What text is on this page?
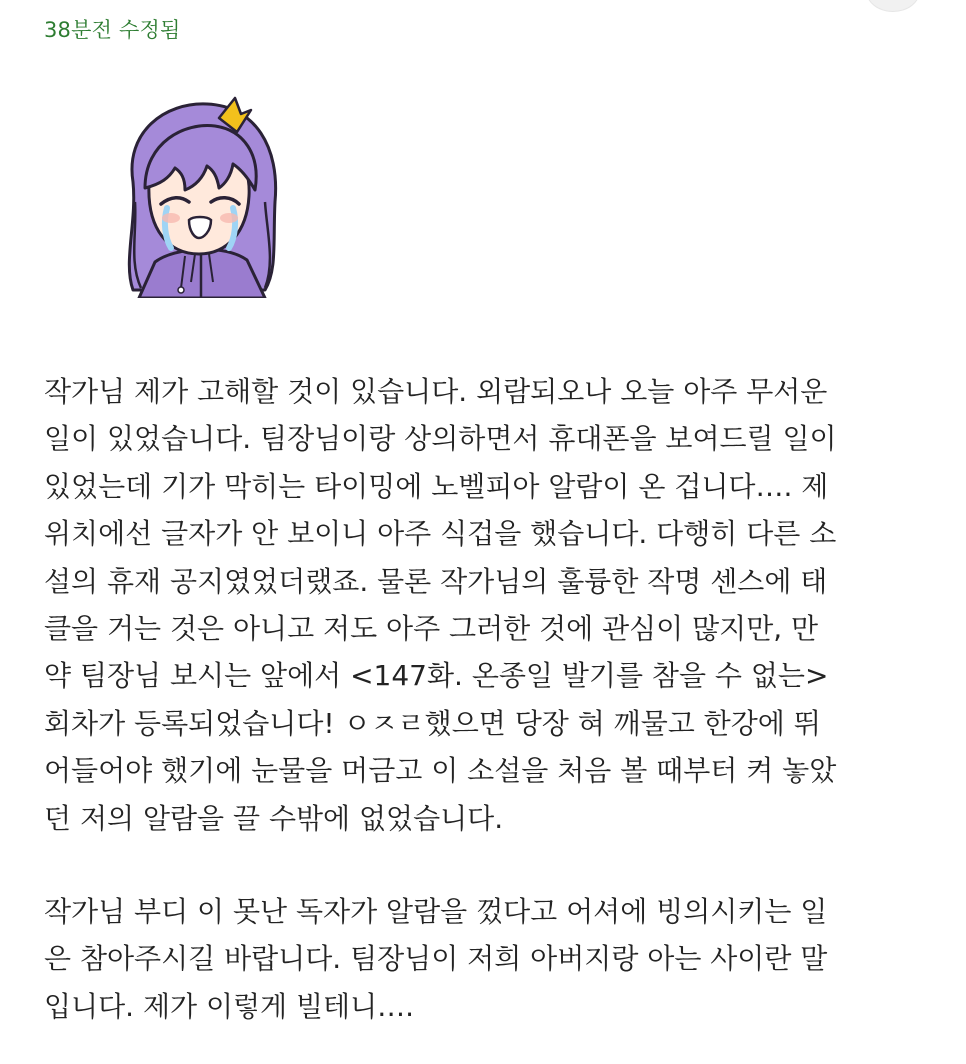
38분전 수정됨

작가님 제가 고해할 것이 있습니다. 외람되오나 오늘 아주 무서운
일이 있었습니다. 팀장님이랑 상의하면서 휴대폰을 보여드릴 일이
있었는데 기가 막히는 타이밍에 노벨피아 알람이 온 겁니다…. 제
위치에선 글자가 안 보이니 아주 식겁을 했습니다. 다행히 다른 소
설의 휴재 공지였었더랬죠. 물론 작가님의 훌륭한 작명 센스에 태
클을 거는 것은 아니고 저도 아주 그러한 것에 관심이 많지만, 만
약 팀장님 보시는 앞에서 <147화. 온종일 발기를 참을 수 없는>
회차가 등록되었습니다! ㅇㅈㄹ했으면 당장 혀 깨물고 한강에 뛰
어들어야 했기에 눈물을 머금고 이 소설을 처음 볼 때부터 켜 놓았
던 저의 알람을 끌 수밖에 없었습니다.

작가님 부디 이 못난 독자가 알람을 껐다고 어셔에 빙의시키는 일
은 참아주시길 바랍니다. 팀장님이 저희 아버지랑 아는 사이란 말
입니다. 제가 이렇게 빌테니….
